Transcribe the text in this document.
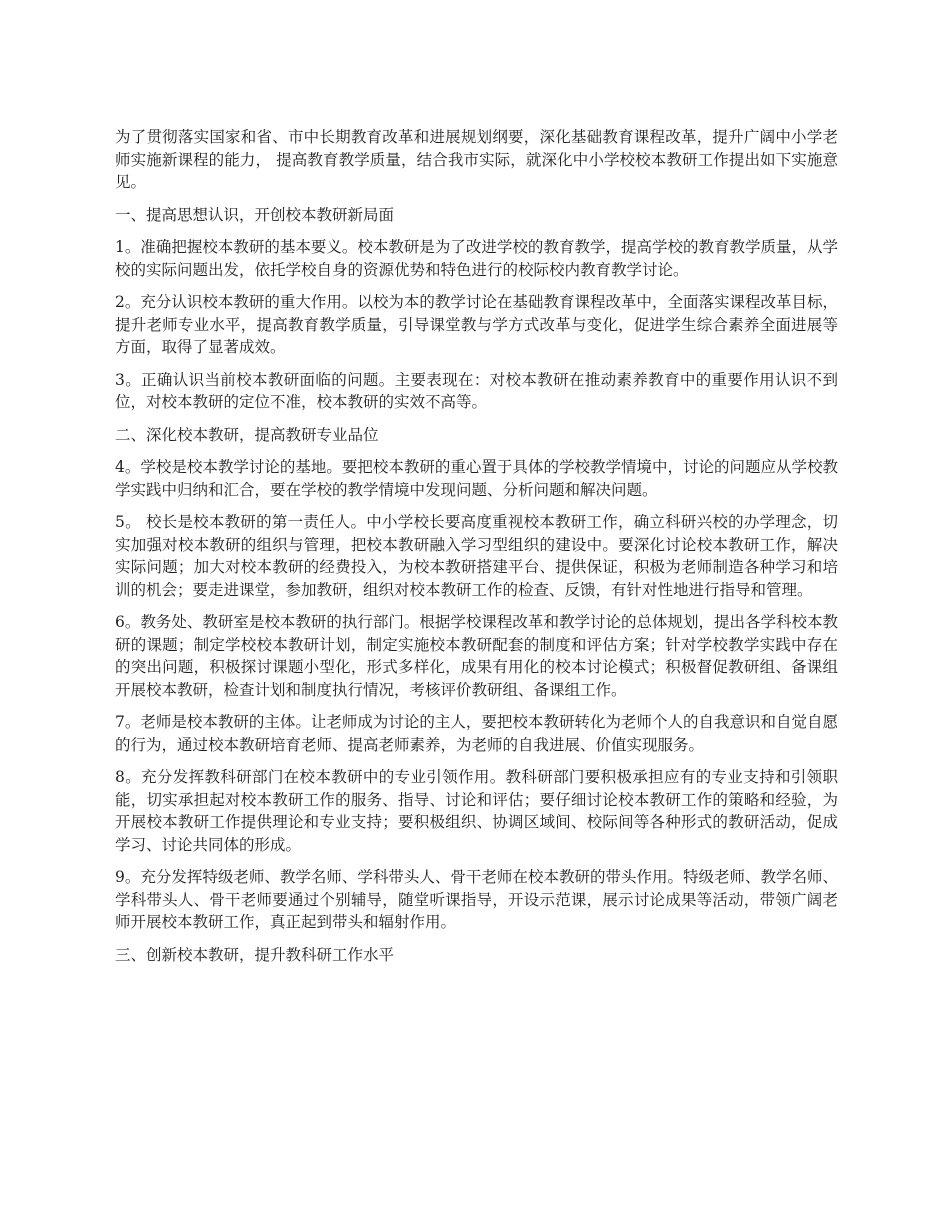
为了贯彻落实国家和省、市中长期教育改革和进展规划纲要，深化基础教育课程改革，提升广阔中小学老师实施新课程的能力， 提高教育教学质量，结合我市实际，就深化中小学校校本教研工作提出如下实施意见。

一、提高思想认识，开创校本教研新局面

1。准确把握校本教研的基本要义。校本教研是为了改进学校的教育教学，提高学校的教育教学质量，从学校的实际问题出发，依托学校自身的资源优势和特色进行的校际校内教育教学讨论。

2。充分认识校本教研的重大作用。以校为本的教学讨论在基础教育课程改革中，全面落实课程改革目标，提升老师专业水平，提高教育教学质量，引导课堂教与学方式改革与变化，促进学生综合素养全面进展等方面，取得了显著成效。

3。正确认识当前校本教研面临的问题。主要表现在：对校本教研在推动素养教育中的重要作用认识不到位，对校本教研的定位不准，校本教研的实效不高等。

二、深化校本教研，提高教研专业品位

4。学校是校本教学讨论的基地。要把校本教研的重心置于具体的学校教学情境中，讨论的问题应从学校教学实践中归纳和汇合，要在学校的教学情境中发现问题、分析问题和解决问题。

5。 校长是校本教研的第一责任人。中小学校长要高度重视校本教研工作，确立科研兴校的办学理念，切实加强对校本教研的组织与管理，把校本教研融入学习型组织的建设中。要深化讨论校本教研工作，解决实际问题；加大对校本教研的经费投入，为校本教研搭建平台、提供保证，积极为老师制造各种学习和培训的机会；要走进课堂，参加教研，组织对校本教研工作的检查、反馈，有针对性地进行指导和管理。

6。教务处、教研室是校本教研的执行部门。根据学校课程改革和教学讨论的总体规划，提出各学科校本教研的课题；制定学校校本教研计划，制定实施校本教研配套的制度和评估方案；针对学校教学实践中存在的突出问题，积极探讨课题小型化，形式多样化，成果有用化的校本讨论模式；积极督促教研组、备课组开展校本教研，检查计划和制度执行情况，考核评价教研组、备课组工作。

7。老师是校本教研的主体。让老师成为讨论的主人，要把校本教研转化为老师个人的自我意识和自觉自愿的行为，通过校本教研培育老师、提高老师素养，为老师的自我进展、价值实现服务。

8。充分发挥教科研部门在校本教研中的专业引领作用。教科研部门要积极承担应有的专业支持和引领职能，切实承担起对校本教研工作的服务、指导、讨论和评估；要仔细讨论校本教研工作的策略和经验，为开展校本教研工作提供理论和专业支持；要积极组织、协调区域间、校际间等各种形式的教研活动，促成学习、讨论共同体的形成。

9。充分发挥特级老师、教学名师、学科带头人、骨干老师在校本教研的带头作用。特级老师、教学名师、学科带头人、骨干老师要通过个别辅导，随堂听课指导，开设示范课，展示讨论成果等活动，带领广阔老师开展校本教研工作，真正起到带头和辐射作用。

三、创新校本教研，提升教科研工作水平
